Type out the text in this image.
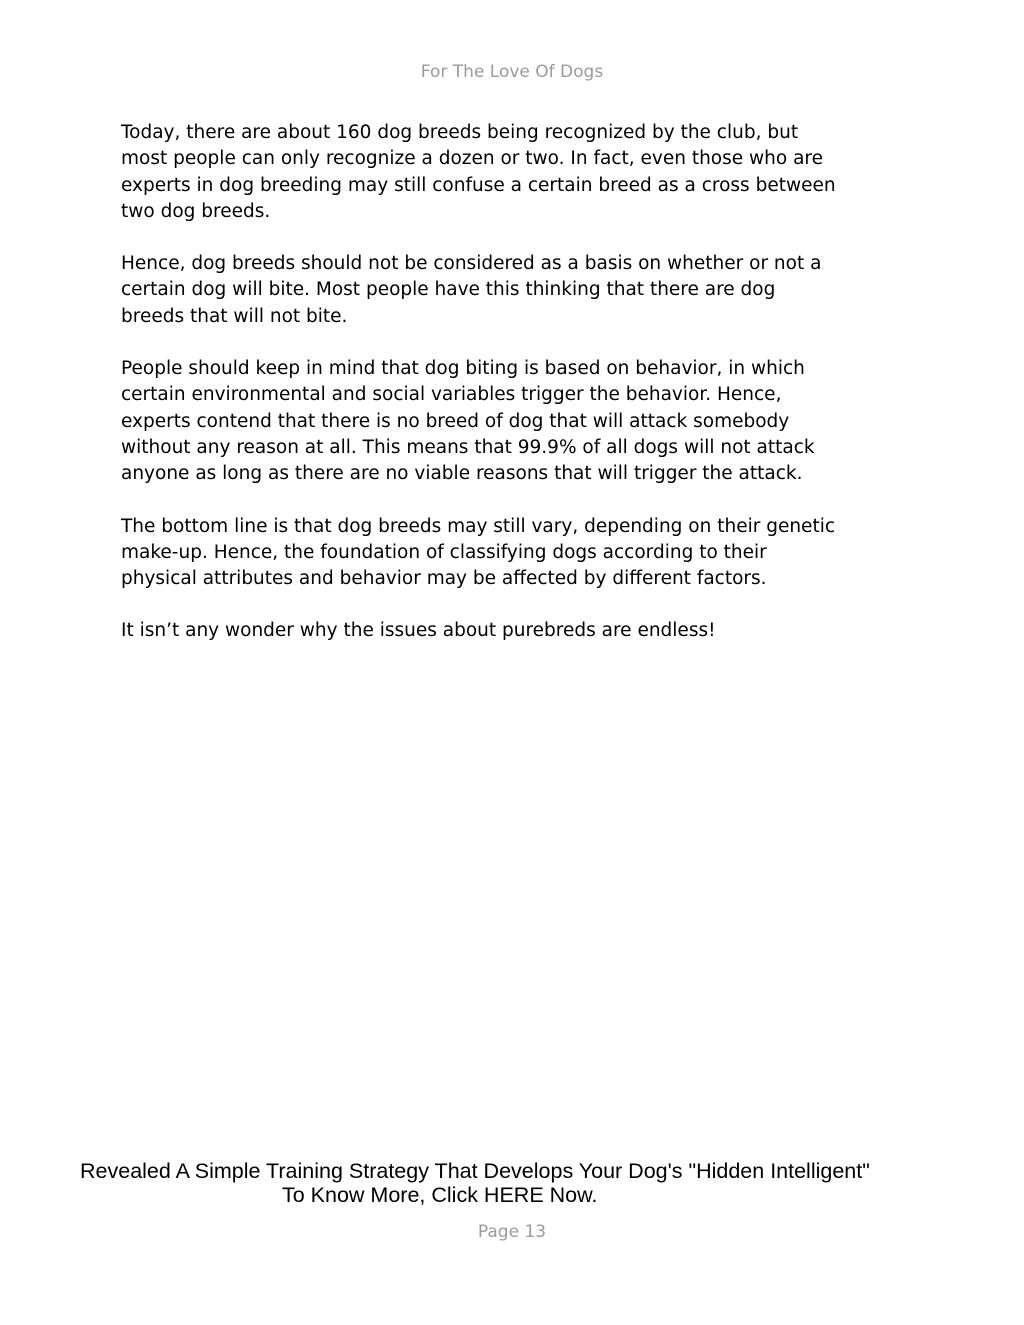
For The Love Of Dogs

Today, there are about 160 dog breeds being recognized by the club, but
most people can only recognize a dozen or two. In fact, even those who are
experts in dog breeding may still confuse a certain breed as a cross between
two dog breeds.

Hence, dog breeds should not be considered as a basis on whether or not a
certain dog will bite. Most people have this thinking that there are dog
breeds that will not bite.

People should keep in mind that dog biting is based on behavior, in which
certain environmental and social variables trigger the behavior. Hence,
experts contend that there is no breed of dog that will attack somebody
without any reason at all. This means that 99.9% of all dogs will not attack
anyone as long as there are no viable reasons that will trigger the attack.

The bottom line is that dog breeds may still vary, depending on their genetic
make-up. Hence, the foundation of classifying dogs according to their
physical attributes and behavior may be affected by different factors.

It isn’t any wonder why the issues about purebreds are endless!

Revealed A Simple Training Strategy That Develops Your Dog's "Hidden Intelligent"
To Know More, Click HERE Now.
Page 13
